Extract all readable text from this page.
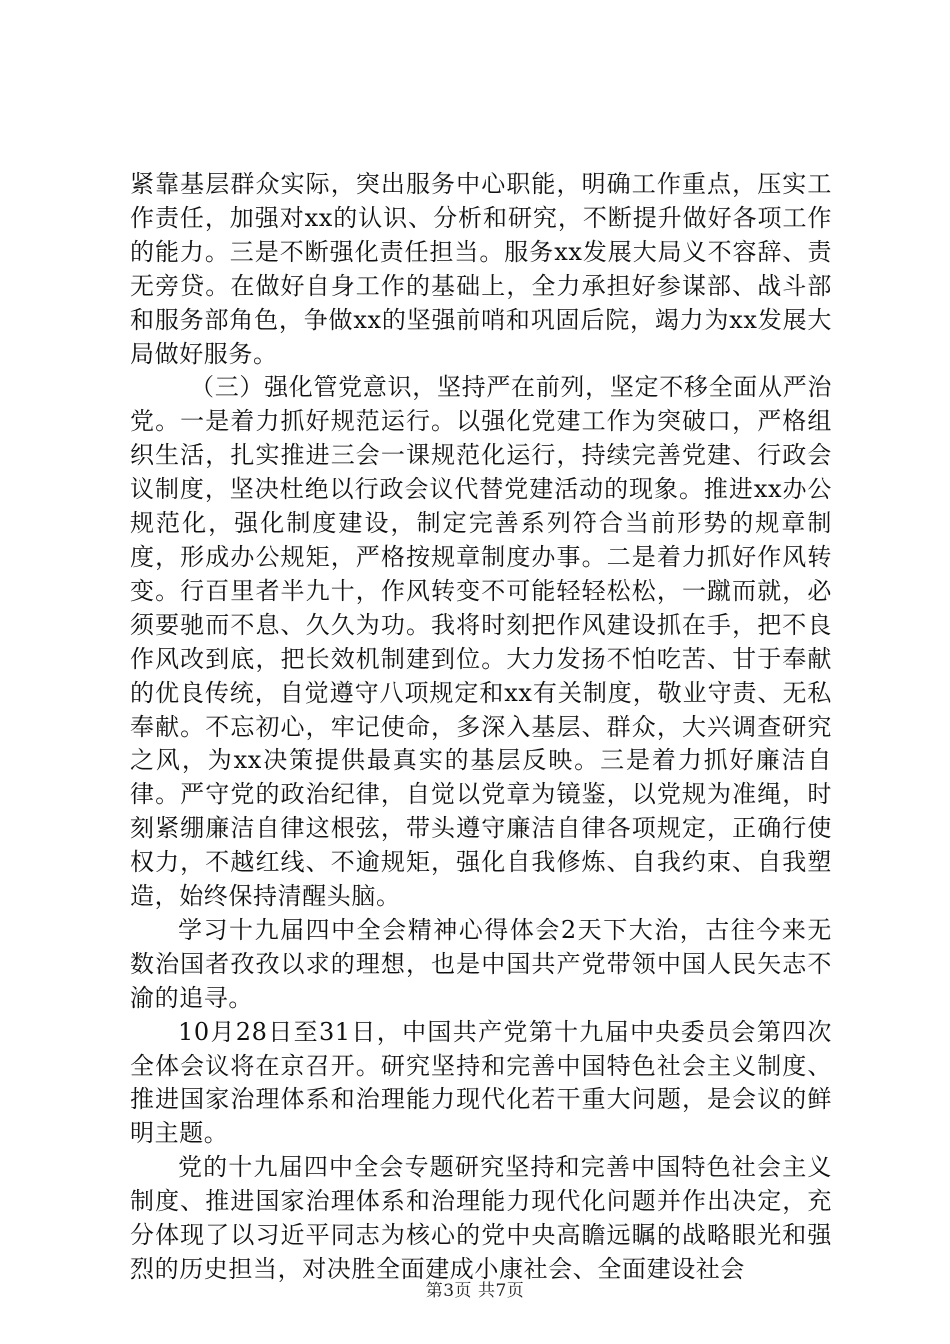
紧靠基层群众实际，突出服务中心职能，明确工作重点，压实工作责任，加强对xx的认识、分析和研究，不断提升做好各项工作的能力。三是不断强化责任担当。服务xx发展大局义不容辞、责无旁贷。在做好自身工作的基础上，全力承担好参谋部、战斗部和服务部角色，争做xx的坚强前哨和巩固后院，竭力为xx发展大局做好服务。

（三）强化管党意识，坚持严在前列，坚定不移全面从严治党。一是着力抓好规范运行。以强化党建工作为突破口，严格组织生活，扎实推进三会一课规范化运行，持续完善党建、行政会议制度，坚决杜绝以行政会议代替党建活动的现象。推进xx办公规范化，强化制度建设，制定完善系列符合当前形势的规章制度，形成办公规矩，严格按规章制度办事。二是着力抓好作风转变。行百里者半九十，作风转变不可能轻轻松松，一蹴而就，必须要驰而不息、久久为功。我将时刻把作风建设抓在手，把不良作风改到底，把长效机制建到位。大力发扬不怕吃苦、甘于奉献的优良传统，自觉遵守八项规定和xx有关制度，敬业守责、无私奉献。不忘初心，牢记使命，多深入基层、群众，大兴调查研究之风，为xx决策提供最真实的基层反映。三是着力抓好廉洁自律。严守党的政治纪律，自觉以党章为镜鉴，以党规为准绳，时刻紧绷廉洁自律这根弦，带头遵守廉洁自律各项规定，正确行使权力，不越红线、不逾规矩，强化自我修炼、自我约束、自我塑造，始终保持清醒头脑。

学习十九届四中全会精神心得体会2天下大治，古往今来无数治国者孜孜以求的理想，也是中国共产党带领中国人民矢志不渝的追寻。

10月28日至31日，中国共产党第十九届中央委员会第四次全体会议将在京召开。研究坚持和完善中国特色社会主义制度、推进国家治理体系和治理能力现代化若干重大问题，是会议的鲜明主题。

党的十九届四中全会专题研究坚持和完善中国特色社会主义制度、推进国家治理体系和治理能力现代化问题并作出决定，充分体现了以习近平同志为核心的党中央高瞻远瞩的战略眼光和强烈的历史担当，对决胜全面建成小康社会、全面建设社会

第3页 共7页
